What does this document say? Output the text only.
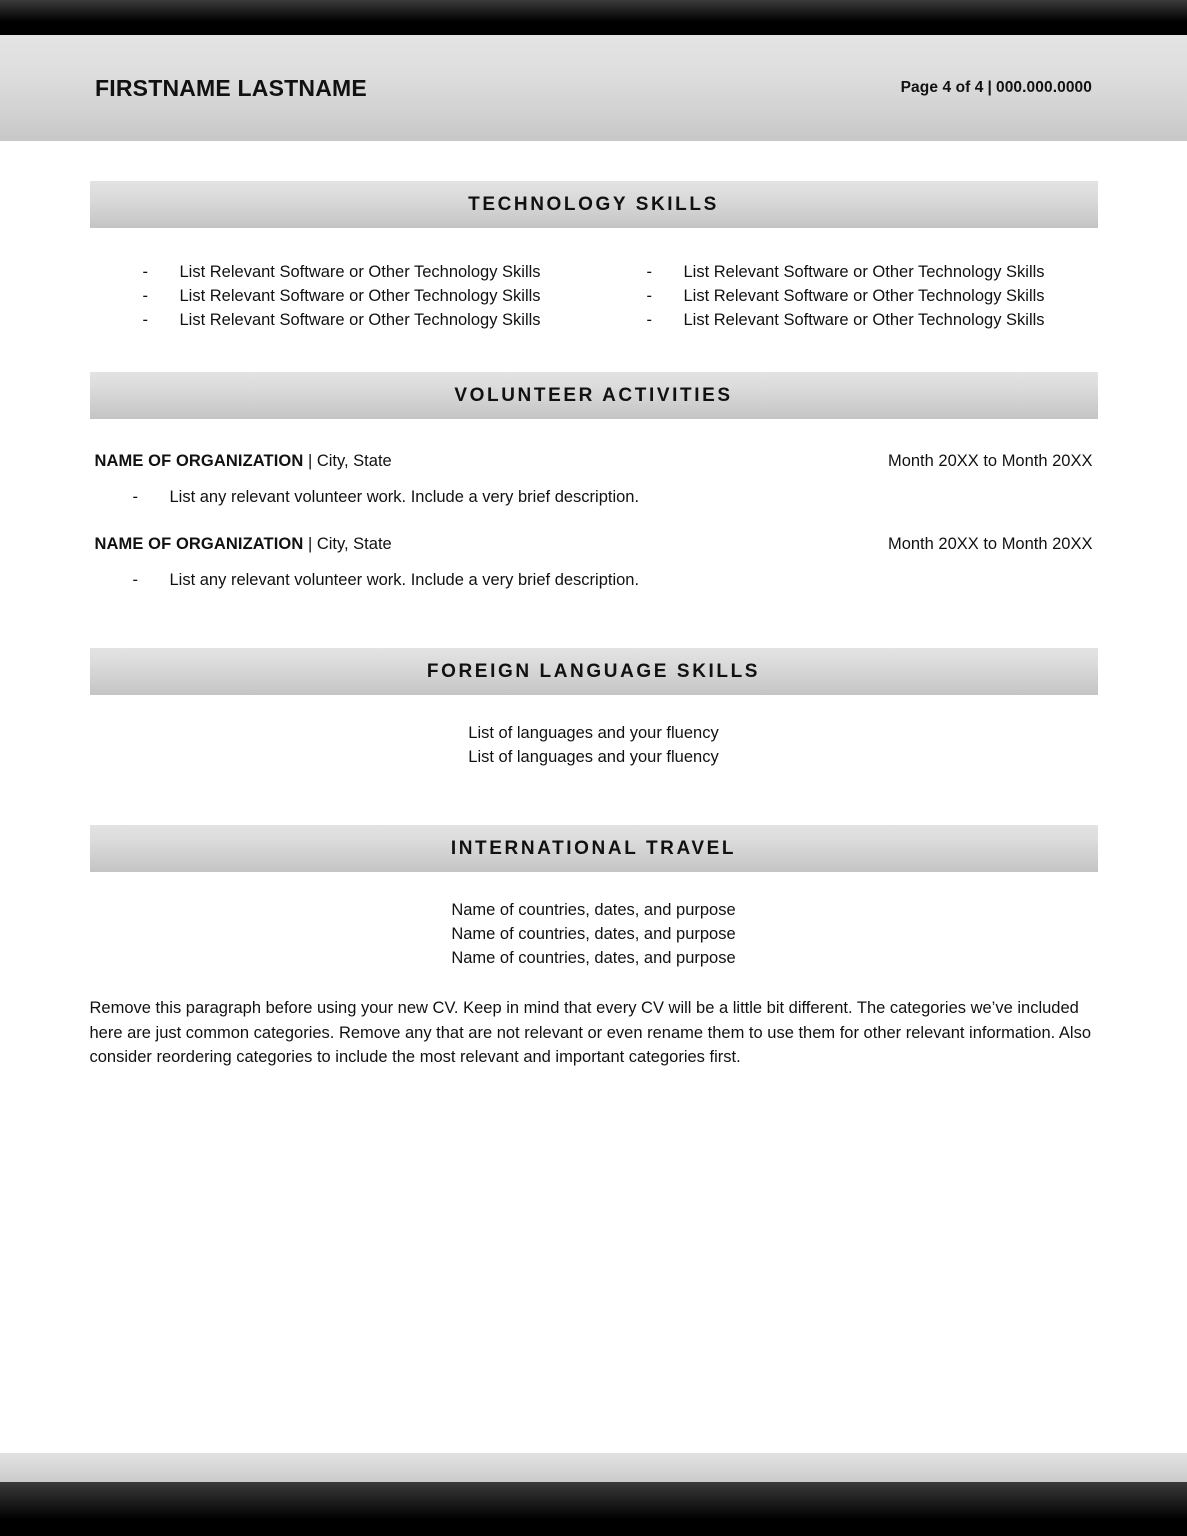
FIRSTNAME LASTNAME	Page 4 of 4 | 000.000.0000
TECHNOLOGY SKILLS
-	List Relevant Software or Other Technology Skills
-	List Relevant Software or Other Technology Skills
-	List Relevant Software or Other Technology Skills
-	List Relevant Software or Other Technology Skills
-	List Relevant Software or Other Technology Skills
-	List Relevant Software or Other Technology Skills
VOLUNTEER ACTIVITIES
NAME OF ORGANIZATION | City, State	Month 20XX to Month 20XX
-	List any relevant volunteer work. Include a very brief description.
NAME OF ORGANIZATION | City, State	Month 20XX to Month 20XX
-	List any relevant volunteer work. Include a very brief description.
FOREIGN LANGUAGE SKILLS
List of languages and your fluency
List of languages and your fluency
INTERNATIONAL TRAVEL
Name of countries, dates, and purpose
Name of countries, dates, and purpose
Name of countries, dates, and purpose

Remove this paragraph before using your new CV. Keep in mind that every CV will be a little bit different. The categories we’ve included here are just common categories. Remove any that are not relevant or even rename them to use them for other relevant information. Also consider reordering categories to include the most relevant and important categories first.
